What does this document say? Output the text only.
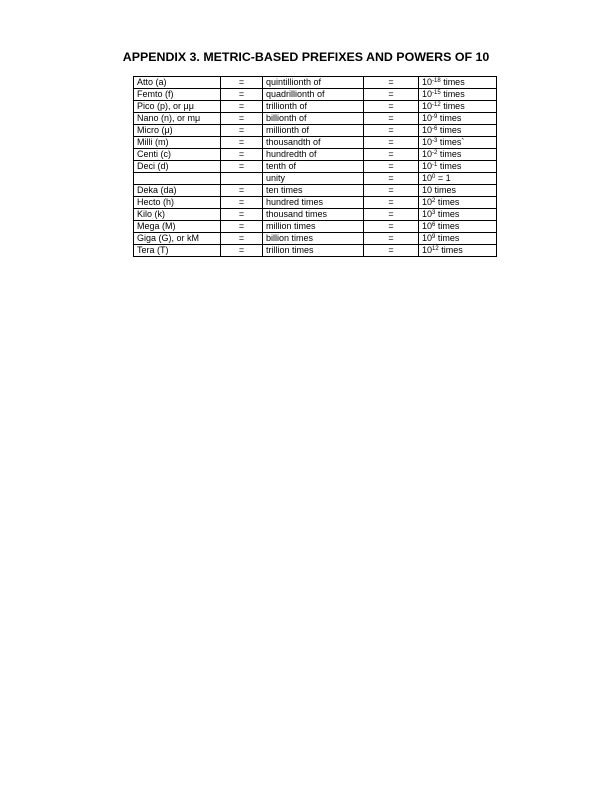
APPENDIX 3. METRIC-BASED PREFIXES AND POWERS OF 10
Atto (a)	=	quintillionth of	=	$10^{-18}$ times
Femto (f)	=	quadrillionth of	=	$10^{-15}$ times
Pico (p), or μμ	=	trillionth of	=	$10^{-12}$ times
Nano (n), or mμ	=	billionth of	=	$10^{-9}$ times
Micro (μ)	=	millionth of	=	$10^{-6}$ times
Milli (m)	=	thousandth of	=	$10^{-3}$ times`
Centi (c)	=	hundredth of	=	$10^{-2}$ times
Deci (d)	=	tenth of	=	$10^{-1}$ times
		unity	=	$10^0 = 1$
Deka (da)	=	ten times	=	10 times
Hecto (h)	=	hundred times	=	$10^2$ times
Kilo (k)	=	thousand times	=	$10^3$ times
Mega (M)	=	million times	=	$10^6$ times
Giga (G), or kM	=	billion times	=	$10^9$ times
Tera (T)	=	trillion times	=	$10^{12}$ times
